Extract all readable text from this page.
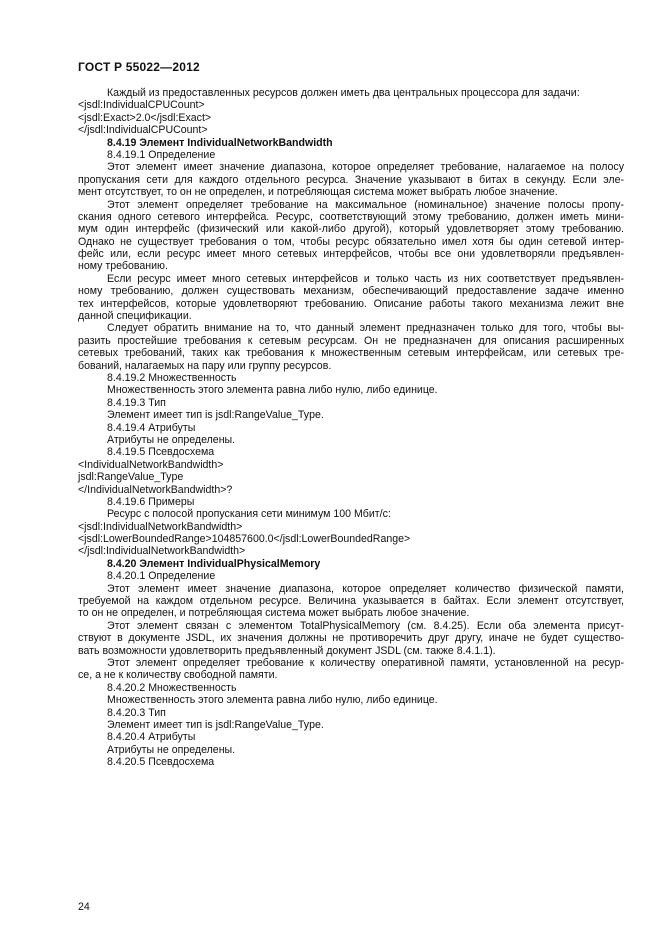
ГОСТ Р 55022—2012
Каждый из предоставленных ресурсов должен иметь два центральных процессора для задачи:
<jsdl:IndividualCPUCount>
<jsdl:Exact>2.0</jsdl:Exact>
</jsdl:IndividualCPUCount>
8.4.19 Элемент IndividualNetworkBandwidth
8.4.19.1 Определение
Этот элемент имеет значение диапазона, которое определяет требование, налагаемое на полосу
пропускания сети для каждого отдельного ресурса. Значение указывают в битах в секунду. Если эле-
мент отсутствует, то он не определен, и потребляющая система может выбрать любое значение.
Этот элемент определяет требование на максимальное (номинальное) значение полосы пропу-
скания одного сетевого интерфейса. Ресурс, соответствующий этому требованию, должен иметь мини-
мум один интерфейс (физический или какой-либо другой), который удовлетворяет этому требованию.
Однако не существует требования о том, чтобы ресурс обязательно имел хотя бы один сетевой интер-
фейс или, если ресурс имеет много сетевых интерфейсов, чтобы все они удовлетворяли предъявлен-
ному требованию.
Если ресурс имеет много сетевых интерфейсов и только часть из них соответствует предъявлен-
ному требованию, должен существовать механизм, обеспечивающий предоставление задаче именно
тех интерфейсов, которые удовлетворяют требованию. Описание работы такого механизма лежит вне
данной спецификации.
Следует обратить внимание на то, что данный элемент предназначен только для того, чтобы вы-
разить простейшие требования к сетевым ресурсам. Он не предназначен для описания расширенных
сетевых требований, таких как требования к множественным сетевым интерфейсам, или сетевых тре-
бований, налагаемых на пару или группу ресурсов.
8.4.19.2 Множественность
Множественность этого элемента равна либо нулю, либо единице.
8.4.19.3 Тип
Элемент имеет тип is jsdl:RangeValue_Type.
8.4.19.4 Атрибуты
Атрибуты не определены.
8.4.19.5 Псевдосхема
<IndividualNetworkBandwidth>
jsdl:RangeValue_Type
</IndividualNetworkBandwidth>?
8.4.19.6 Примеры
Ресурс с полосой пропускания сети минимум 100 Мбит/с:
<jsdl:IndividualNetworkBandwidth>
<jsdl:LowerBoundedRange>104857600.0</jsdl:LowerBoundedRange>
</jsdl:IndividualNetworkBandwidth>
8.4.20 Элемент IndividualPhysicalMemory
8.4.20.1 Определение
Этот элемент имеет значение диапазона, которое определяет количество физической памяти,
требуемой на каждом отдельном ресурсе. Величина указывается в байтах. Если элемент отсутствует,
то он не определен, и потребляющая система может выбрать любое значение.
Этот элемент связан с элементом TotalPhysicalMemory (см. 8.4.25). Если оба элемента присут-
ствуют в документе JSDL, их значения должны не противоречить друг другу, иначе не будет существо-
вать возможности удовлетворить предъявленный документ JSDL (см. также 8.4.1.1).
Этот элемент определяет требование к количеству оперативной памяти, установленной на ресур-
се, а не к количеству свободной памяти.
8.4.20.2 Множественность
Множественность этого элемента равна либо нулю, либо единице.
8.4.20.3 Тип
Элемент имеет тип is jsdl:RangeValue_Type.
8.4.20.4 Атрибуты
Атрибуты не определены.
8.4.20.5 Псевдосхема
24
